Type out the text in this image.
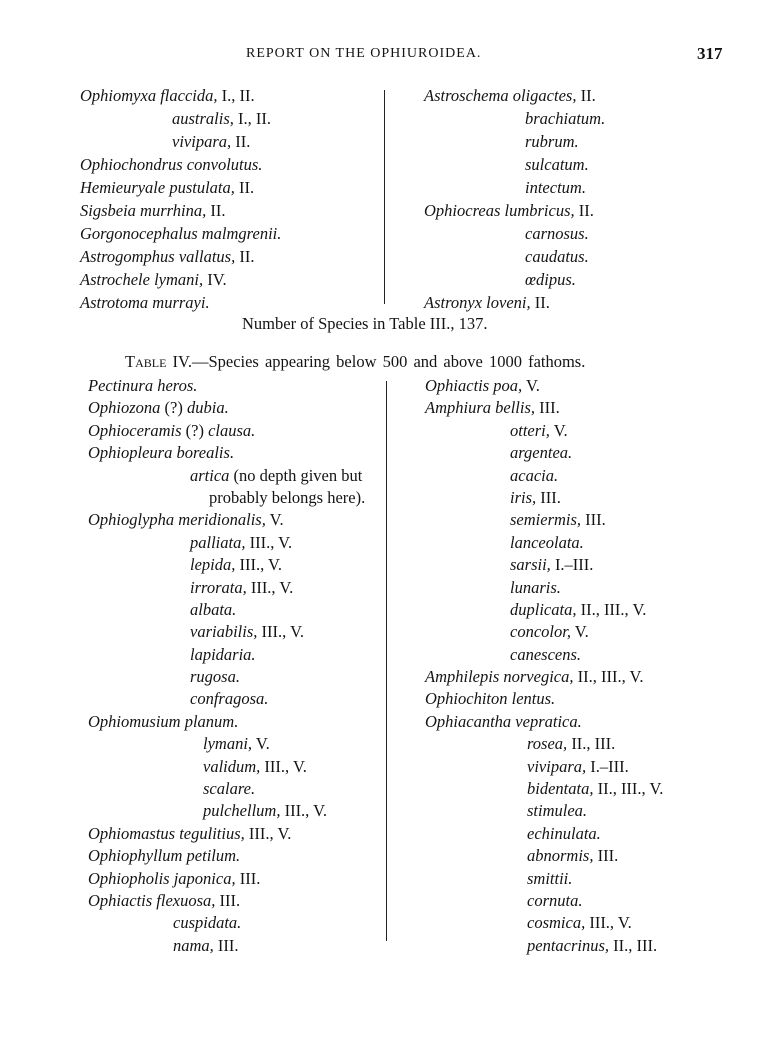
REPORT ON THE OPHIUROIDEA.	317
Ophiomyxa flaccida, I., II.
australis, I., II.
vivipara, II.
Ophiochondrus convolutus.
Hemieuryale pustulata, II.
Sigsbeia murrhina, II.
Gorgonocephalus malmgrenii.
Astrogomphus vallatus, II.
Astrochele lymani, IV.
Astrotoma murrayi.
Astroschema oligactes, II.
brachiatum.
rubrum.
sulcatum.
intectum.
Ophiocreas lumbricus, II.
carnosus.
caudatus.
œdipus.
Astronyx loveni, II.
Number of Species in Table III., 137.
Table IV.—Species appearing below 500 and above 1000 fathoms.
Pectinura heros.
Ophiozona (?) dubia.
Ophioceramis (?) clausa.
Ophiopleura borealis.
artica (no depth given but
probably belongs here).
Ophioglypha meridionalis, V.
palliata, III., V.
lepida, III., V.
irrorata, III., V.
albata.
variabilis, III., V.
lapidaria.
rugosa.
confragosa.
Ophiomusium planum.
lymani, V.
validum, III., V.
scalare.
pulchellum, III., V.
Ophiomastus tegulitius, III., V.
Ophiophyllum petilum.
Ophiopholis japonica, III.
Ophiactis flexuosa, III.
cuspidata.
nama, III.
Ophiactis poa, V.
Amphiura bellis, III.
otteri, V.
argentea.
acacia.
iris, III.
semiermis, III.
lanceolata.
sarsii, I.–III.
lunaris.
duplicata, II., III., V.
concolor, V.
canescens.
Amphilepis norvegica, II., III., V.
Ophiochiton lentus.
Ophiacantha vepratica.
rosea, II., III.
vivipara, I.–III.
bidentata, II., III., V.
stimulea.
echinulata.
abnormis, III.
smittii.
cornuta.
cosmica, III., V.
pentacrinus, II., III.
